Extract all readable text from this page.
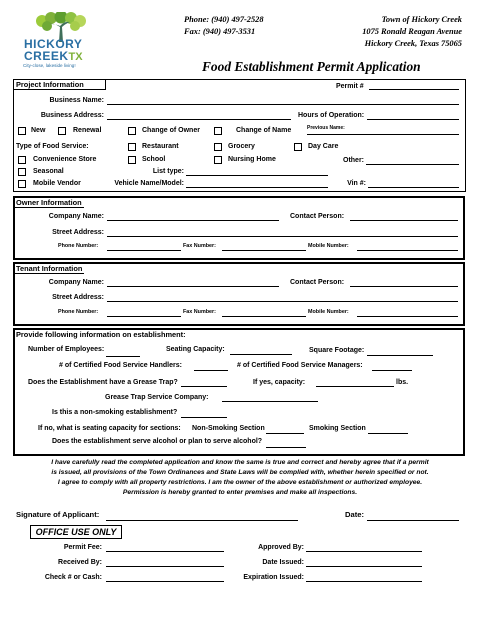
HICKORY
CREEKTX
City-close, lakeside living!
Phone: (940) 497-2528
Fax: (940) 497-3531
Town of Hickory Creek
1075 Ronald Reagan Avenue
Hickory Creek, Texas 75065
Food Establishment Permit Application
Project Information	Permit #
Business Name:
Business Address:	Hours of Operation:
New	Renewal	Change of Owner	Change of Name	Previous Name:
Type of Food Service:	Restaurant	Grocery	Day Care
Convenience Store	School	Nursing Home	Other:
Seasonal	List type:
Mobile Vendor	Vehicle Name/Model:	Vin #:
Owner Information
Company Name:	Contact Person:
Street Address:
Phone Number:	Fax Number:	Mobile Number:
Tenant Information
Company Name:	Contact Person:
Street Address:
Phone Number:	Fax Number:	Mobile Number:
Provide following information on establishment:
Number of Employees:	Seating Capacity:	Square Footage:
# of Certified Food Service Handlers:	# of Certified Food Service Managers:
Does the Establishment have a Grease Trap?	If yes, capacity:	lbs.
Grease Trap Service Company:
Is this a non-smoking establishment?
If no, what is seating capacity for sections: Non-Smoking Section	Smoking Section
Does the establishment serve alcohol or plan to serve alcohol?
I have carefully read the completed application and know the same is true and correct and hereby agree that if a permit
is issued, all provisions of the Town Ordinances and State Laws will be complied with, whether herein specified or not.
I agree to comply with all property restrictions. I am the owner of the above establishment or authorized employee.
Permission is hereby granted to enter premises and make all inspections.
Signature of Applicant:	Date:
OFFICE USE ONLY
Permit Fee:	Approved By:
Received By:	Date Issued:
Check # or Cash:	Expiration Issued:
